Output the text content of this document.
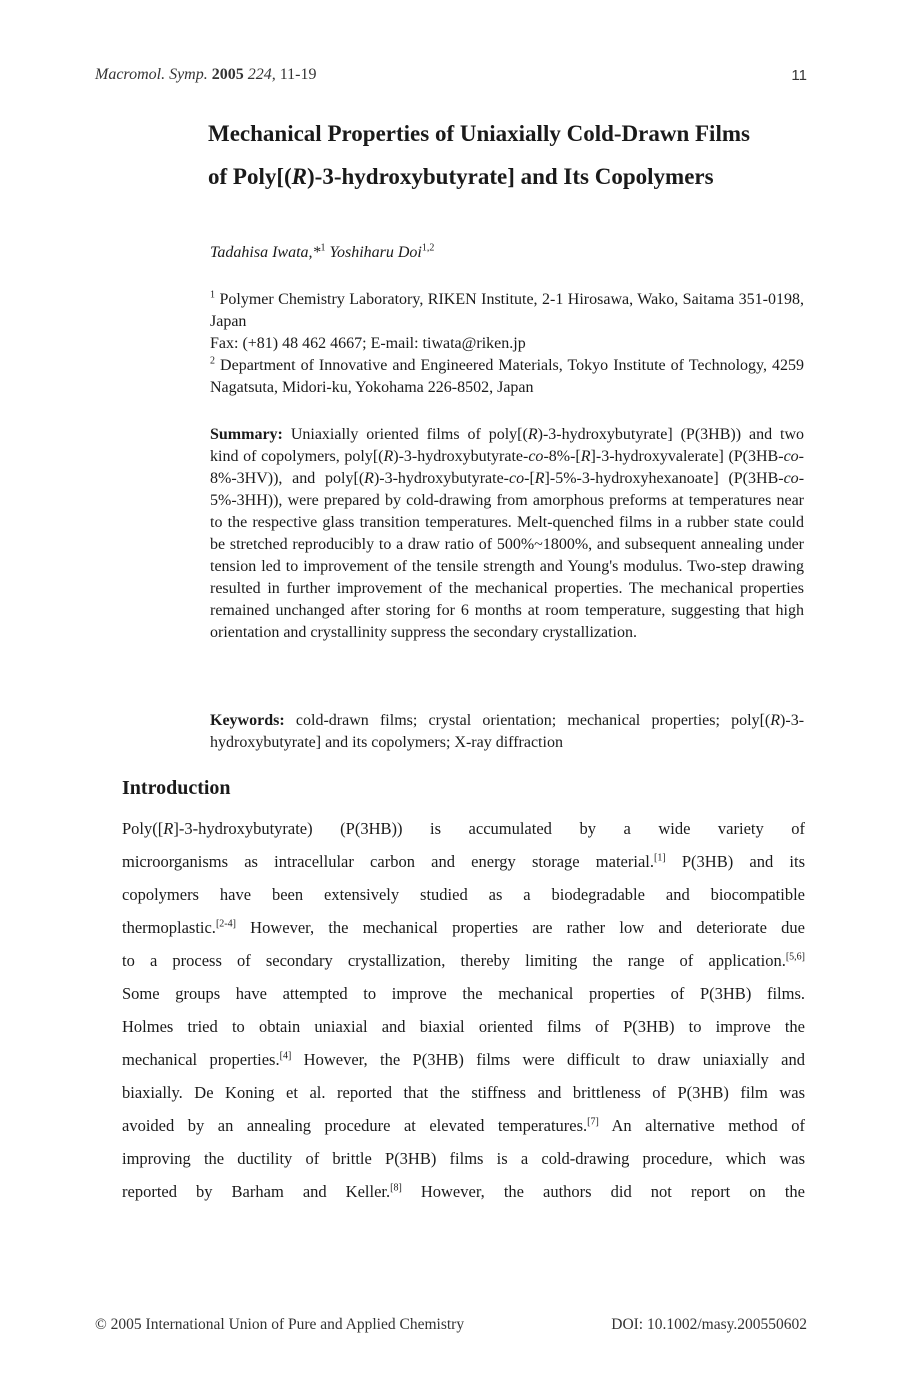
Macromol. Symp. 2005 224, 11-19	11
Mechanical Properties of Uniaxially Cold-Drawn Films
of Poly[(R)-3-hydroxybutyrate] and Its Copolymers

Tadahisa Iwata,*$^1$ Yoshiharu Doi$^{1,2}$

$^1$ Polymer Chemistry Laboratory, RIKEN Institute, 2-1 Hirosawa, Wako, Saitama 351-0198, Japan
Fax: (+81) 48 462 4667; E-mail: tiwata@riken.jp
$^2$ Department of Innovative and Engineered Materials, Tokyo Institute of Technology, 4259 Nagatsuta, Midori-ku, Yokohama 226-8502, Japan

Summary: Uniaxially oriented films of poly[(R)-3-hydroxybutyrate] (P(3HB)) and two kind of copolymers, poly[(R)-3-hydroxybutyrate-co-8%-[R]-3-hydroxyvalerate] (P(3HB-co-8%-3HV)), and poly[(R)-3-hydroxybutyrate-co-[R]-5%-3-hydroxyhexanoate] (P(3HB-co-5%-3HH)), were prepared by cold-drawing from amorphous preforms at temperatures near to the respective glass transition temperatures. Melt-quenched films in a rubber state could be stretched reproducibly to a draw ratio of 500%~1800%, and subsequent annealing under tension led to improvement of the tensile strength and Young's modulus. Two-step drawing resulted in further improvement of the mechanical properties. The mechanical properties remained unchanged after storing for 6 months at room temperature, suggesting that high orientation and crystallinity suppress the secondary crystallization.

Keywords: cold-drawn films; crystal orientation; mechanical properties; poly[(R)-3-hydroxybutyrate] and its copolymers; X-ray diffraction

Introduction
Poly([R]-3-hydroxybutyrate) (P(3HB)) is accumulated by a wide variety of
microorganisms as intracellular carbon and energy storage material.[1] P(3HB) and its
copolymers have been extensively studied as a biodegradable and biocompatible
thermoplastic.[2-4] However, the mechanical properties are rather low and deteriorate due
to a process of secondary crystallization, thereby limiting the range of application.[5,6]
Some groups have attempted to improve the mechanical properties of P(3HB) films.
Holmes tried to obtain uniaxial and biaxial oriented films of P(3HB) to improve the
mechanical properties.[4] However, the P(3HB) films were difficult to draw uniaxially and
biaxially. De Koning et al. reported that the stiffness and brittleness of P(3HB) film was
avoided by an annealing procedure at elevated temperatures.[7] An alternative method of
improving the ductility of brittle P(3HB) films is a cold-drawing procedure, which was
reported by Barham and Keller.[8] However, the authors did not report on the
© 2005 International Union of Pure and Applied Chemistry	DOI: 10.1002/masy.200550602
